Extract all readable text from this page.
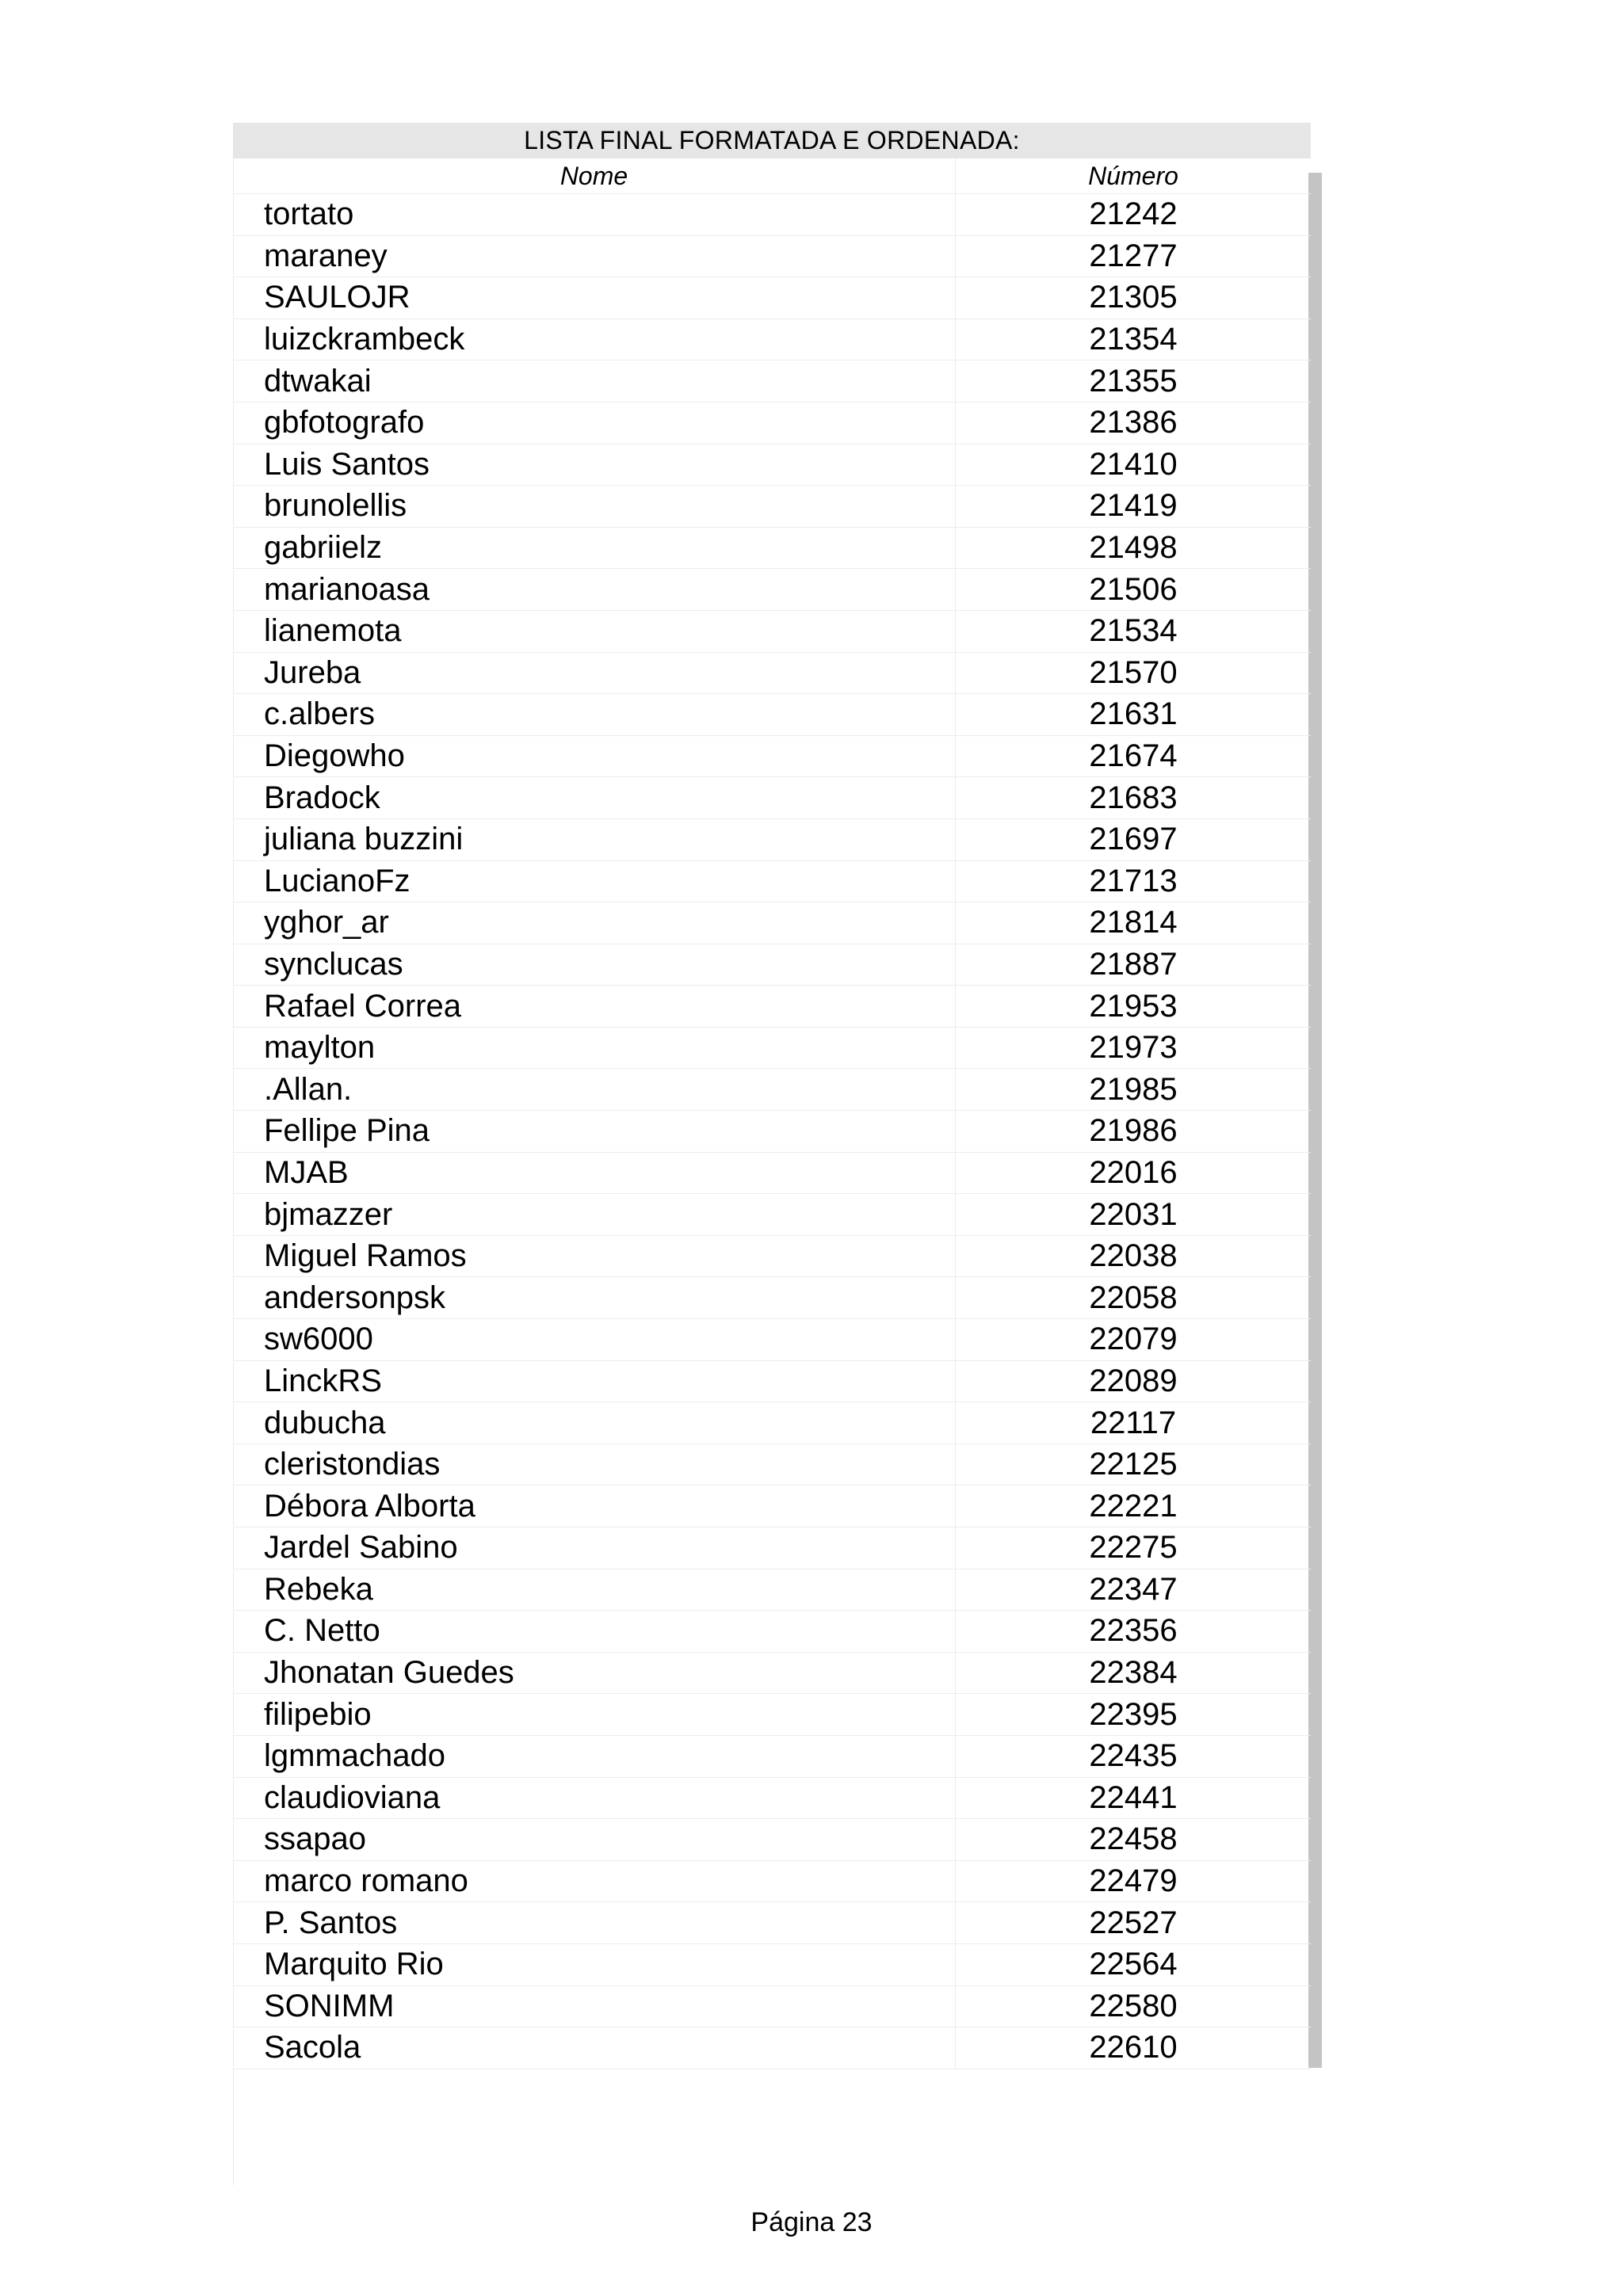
LISTA FINAL FORMATADA E ORDENADA:
Nome	Número
tortato	21242
maraney	21277
SAULOJR	21305
luizckrambeck	21354
dtwakai	21355
gbfotografo	21386
Luis Santos	21410
brunolellis	21419
gabriielz	21498
marianoasa	21506
lianemota	21534
Jureba	21570
c.albers	21631
Diegowho	21674
Bradock	21683
juliana buzzini	21697
LucianoFz	21713
yghor_ar	21814
synclucas	21887
Rafael Correa	21953
maylton	21973
.Allan.	21985
Fellipe Pina	21986
MJAB	22016
bjmazzer	22031
Miguel Ramos	22038
andersonpsk	22058
sw6000	22079
LinckRS	22089
dubucha	22117
cleristondias	22125
Débora Alborta	22221
Jardel Sabino	22275
Rebeka	22347
C. Netto	22356
Jhonatan Guedes	22384
filipebio	22395
lgmmachado	22435
claudioviana	22441
ssapao	22458
marco romano	22479
P. Santos	22527
Marquito Rio	22564
SONIMM	22580
Sacola	22610
Página 23
